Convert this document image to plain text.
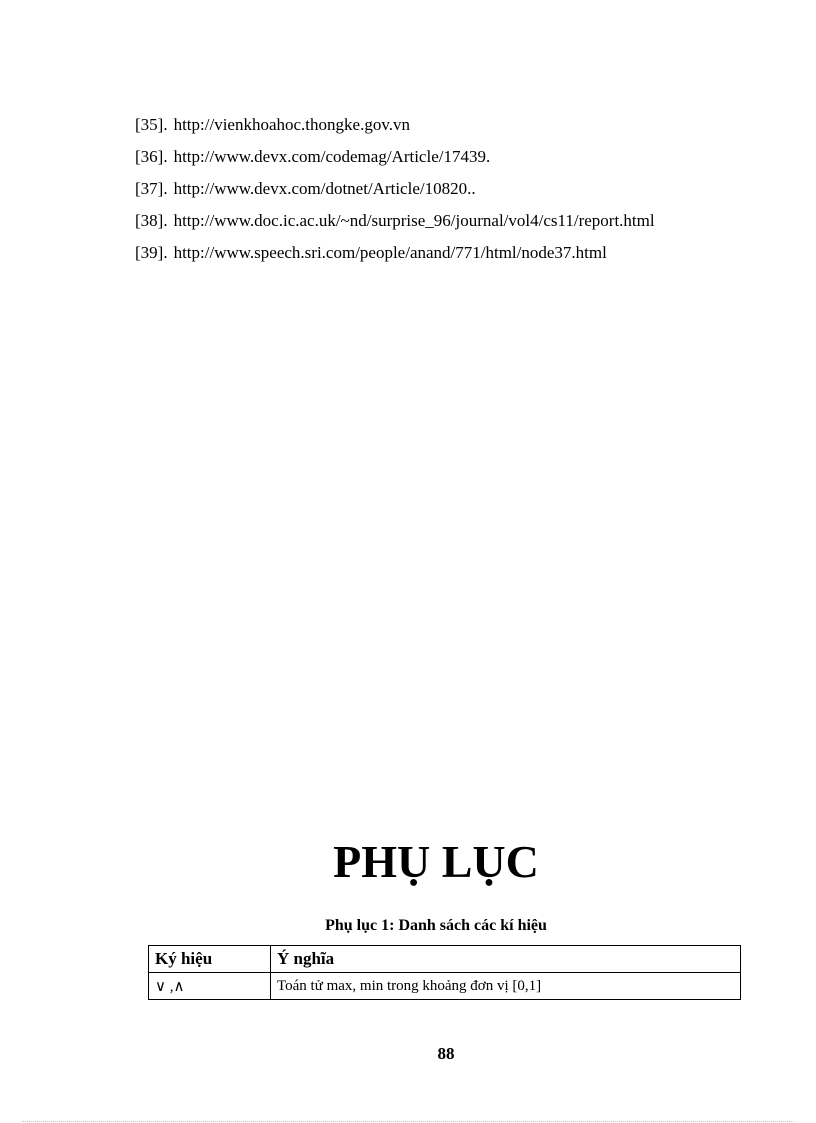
[35]. http://vienkhoahoc.thongke.gov.vn
[36]. http://www.devx.com/codemag/Article/17439.
[37]. http://www.devx.com/dotnet/Article/10820..
[38]. http://www.doc.ic.ac.uk/~nd/surprise_96/journal/vol4/cs11/report.html
[39]. http://www.speech.sri.com/people/anand/771/html/node37.html
PHỤ LỤC
Phụ lục 1: Danh sách các kí hiệu
Ký hiệu	Ý nghĩa
∨ ,∧	Toán tử max, min trong khoảng đơn vị [0,1]
88
